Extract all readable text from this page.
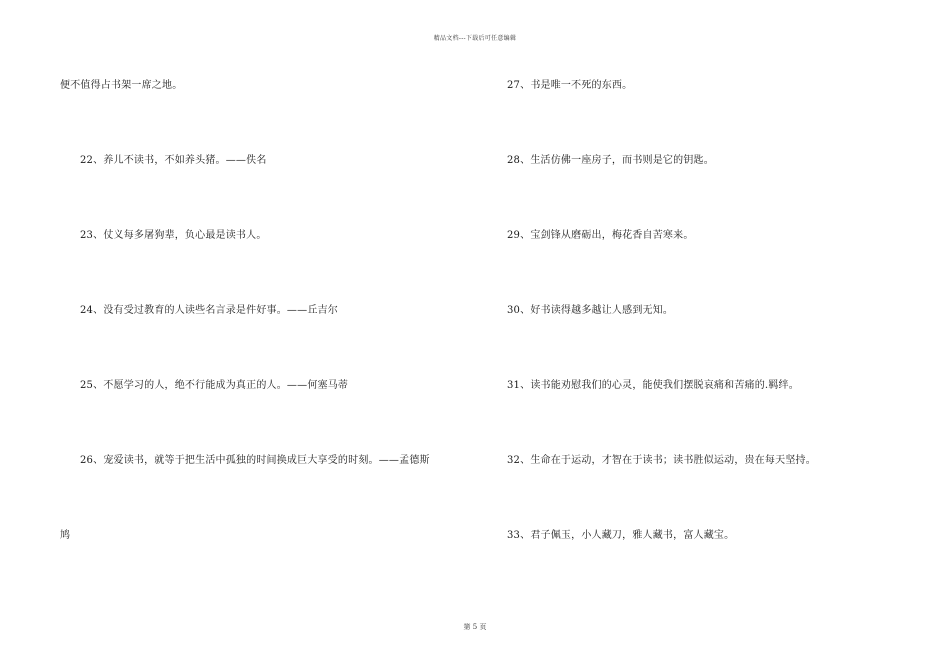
精品文档---下载后可任意编辑
便不值得占书架一席之地。
22、养儿不读书，不如养头猪。——佚名
23、仗义每多屠狗辈，负心最是读书人。
24、没有受过教育的人读些名言录是件好事。——丘吉尔
25、不愿学习的人，绝不行能成为真正的人。——何塞马蒂
26、宠爱读书，就等于把生活中孤独的时间换成巨大享受的时刻。——孟德斯
鸠
27、书是唯一不死的东西。
28、生活仿佛一座房子，而书则是它的钥匙。
29、宝剑锋从磨砺出，梅花香自苦寒来。
30、好书读得越多越让人感到无知。
31、读书能劝慰我们的心灵，能使我们摆脱哀痛和苦痛的.羁绊。
32、生命在于运动，才智在于读书；读书胜似运动，贵在每天坚持。
33、君子佩玉，小人藏刀，雅人藏书，富人藏宝。
第 5 页
